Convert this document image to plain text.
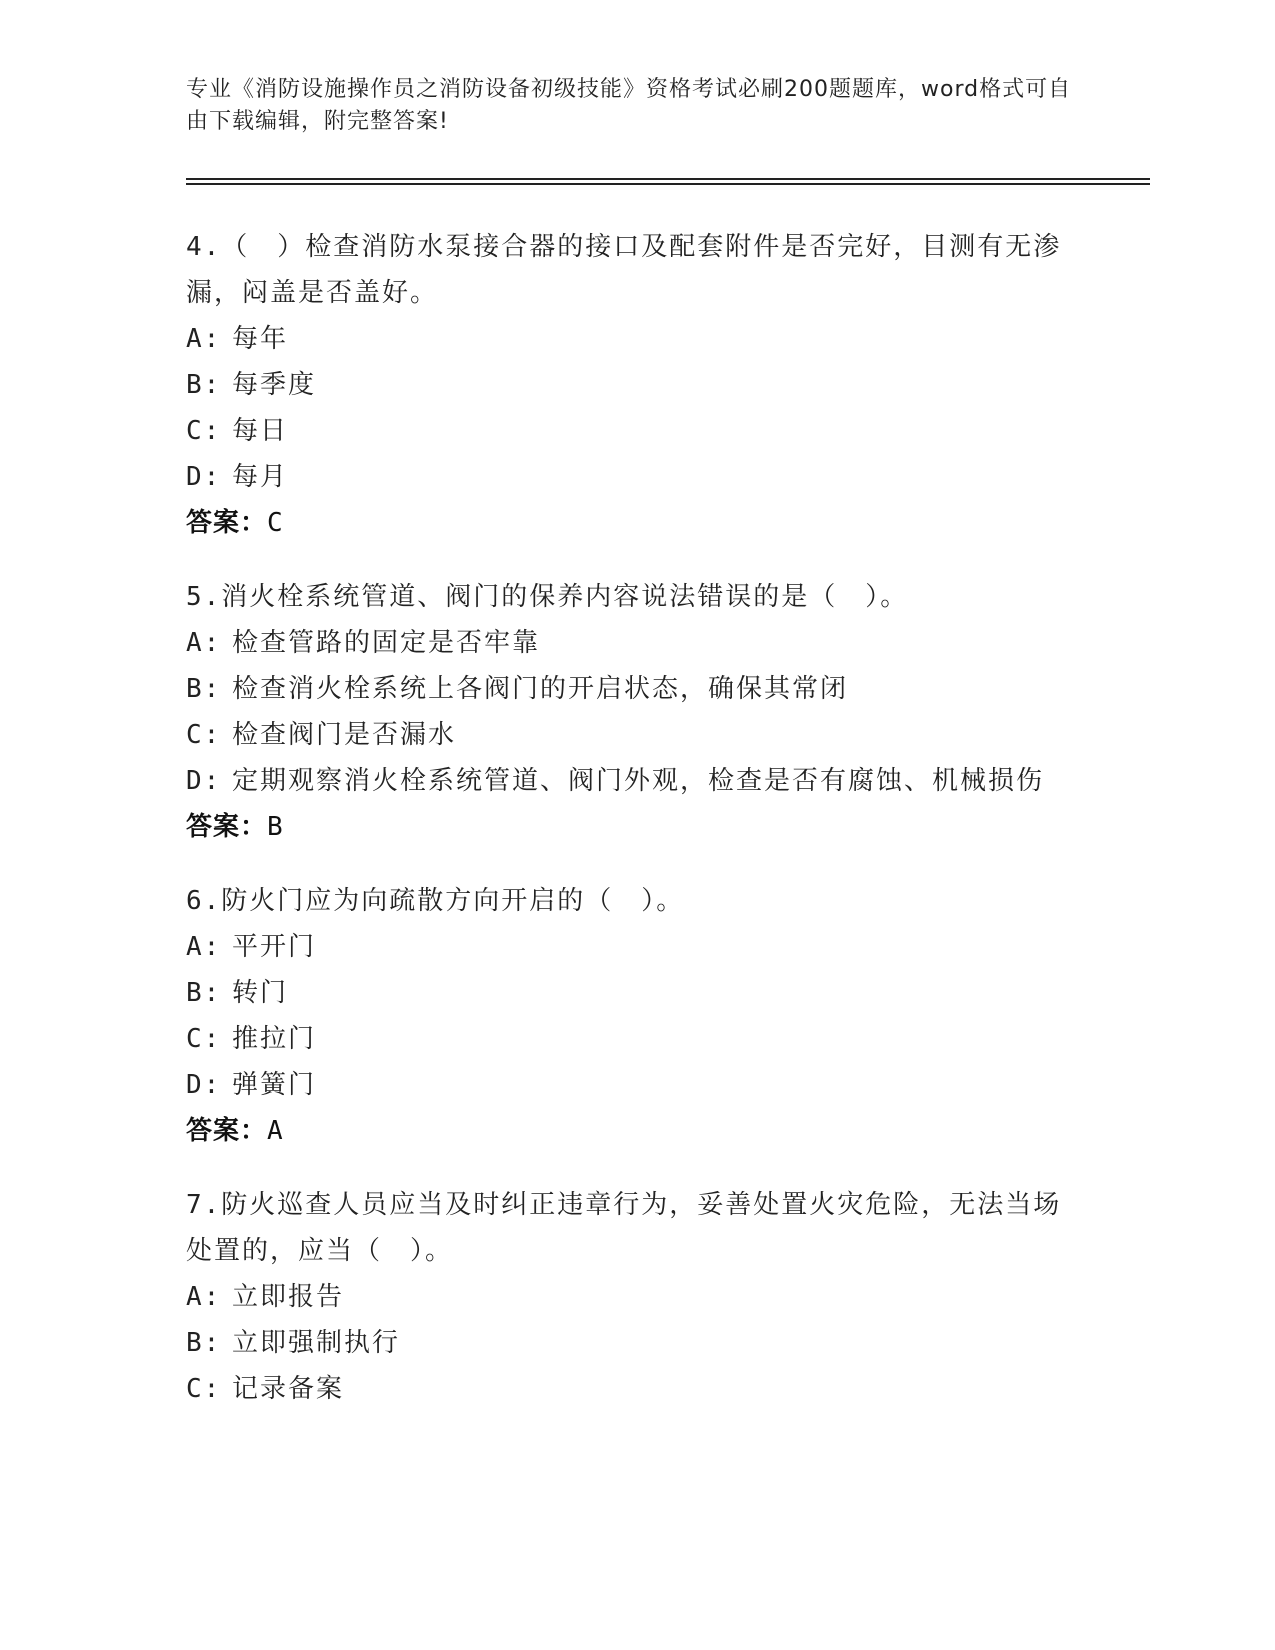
专业《消防设施操作员之消防设备初级技能》资格考试必刷200题题库，word格式可自由下载编辑，附完整答案!

4.（　）检查消防水泵接合器的接口及配套附件是否完好，目测有无渗漏，闷盖是否盖好。

A: 每年

B: 每季度

C: 每日

D: 每月

答案：C

5.消火栓系统管道、阀门的保养内容说法错误的是（　）。

A: 检查管路的固定是否牢靠

B: 检查消火栓系统上各阀门的开启状态，确保其常闭

C: 检查阀门是否漏水

D: 定期观察消火栓系统管道、阀门外观，检查是否有腐蚀、机械损伤

答案：B

6.防火门应为向疏散方向开启的（　）。

A: 平开门

B: 转门

C: 推拉门

D: 弹簧门

答案：A

7.防火巡查人员应当及时纠正违章行为，妥善处置火灾危险，无法当场处置的，应当（　）。

A: 立即报告

B: 立即强制执行

C: 记录备案
